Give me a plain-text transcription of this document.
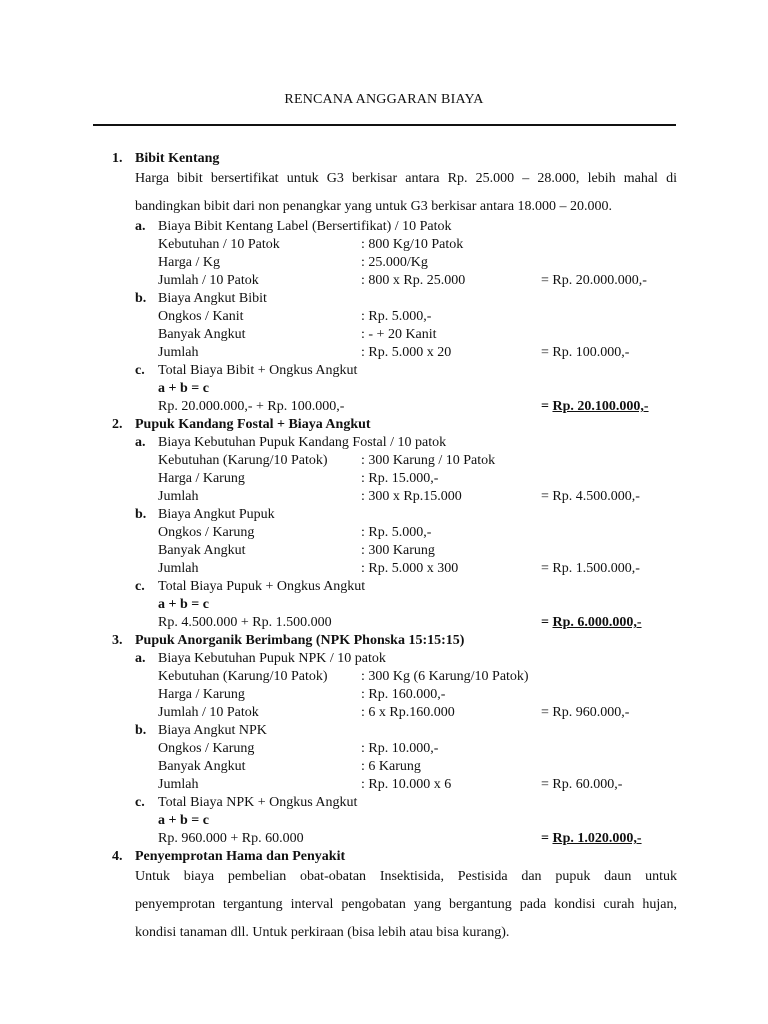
RENCANA ANGGARAN BIAYA
1. Bibit Kentang
Harga bibit bersertifikat untuk G3 berkisar antara Rp. 25.000 – 28.000, lebih mahal di
bandingkan bibit dari non penangkar yang untuk G3 berkisar antara 18.000 – 20.000.
a. Biaya Bibit Kentang Label (Bersertifikat) / 10 Patok
Kebutuhan / 10 Patok	: 800 Kg/10 Patok
Harga / Kg	: 25.000/Kg
Jumlah / 10 Patok	: 800 x Rp. 25.000	= Rp. 20.000.000,-
b. Biaya Angkut Bibit
Ongkos / Kanit	: Rp. 5.000,-
Banyak Angkut	: - + 20 Kanit
Jumlah	: Rp. 5.000 x 20	= Rp. 100.000,-
c. Total Biaya Bibit + Ongkus Angkut
a + b = c
Rp. 20.000.000,- + Rp. 100.000,-	= Rp. 20.100.000,-
2. Pupuk Kandang Fostal + Biaya Angkut
a. Biaya Kebutuhan Pupuk Kandang Fostal / 10 patok
Kebutuhan (Karung/10 Patok) : 300 Karung / 10 Patok
Harga / Karung	: Rp. 15.000,-
Jumlah	: 300 x Rp.15.000	= Rp. 4.500.000,-
b. Biaya Angkut Pupuk
Ongkos / Karung	: Rp. 5.000,-
Banyak Angkut	: 300 Karung
Jumlah	: Rp. 5.000 x 300	= Rp. 1.500.000,-
c. Total Biaya Pupuk + Ongkus Angkut
a + b = c
Rp. 4.500.000 + Rp. 1.500.000	= Rp. 6.000.000,-
3. Pupuk Anorganik Berimbang (NPK Phonska 15:15:15)
a. Biaya Kebutuhan Pupuk NPK / 10 patok
Kebutuhan (Karung/10 Patok) : 300 Kg (6 Karung/10 Patok)
Harga / Karung	: Rp. 160.000,-
Jumlah / 10 Patok	: 6 x Rp.160.000	= Rp. 960.000,-
b. Biaya Angkut NPK
Ongkos / Karung	: Rp. 10.000,-
Banyak Angkut	: 6 Karung
Jumlah	: Rp. 10.000 x 6	= Rp. 60.000,-
c. Total Biaya NPK + Ongkus Angkut
a + b = c
Rp. 960.000 + Rp. 60.000	= Rp. 1.020.000,-
4. Penyemprotan Hama dan Penyakit
Untuk biaya pembelian obat-obatan Insektisida, Pestisida dan pupuk daun untuk
penyemprotan tergantung interval pengobatan yang bergantung pada kondisi curah hujan,
kondisi tanaman dll. Untuk perkiraan (bisa lebih atau bisa kurang).
